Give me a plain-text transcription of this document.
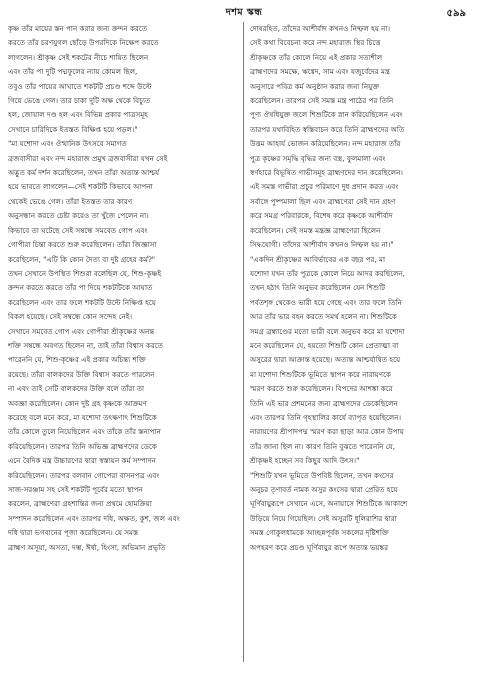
দশম স্কন্ধ	৫৯৯
কৃষ্ণ তাঁর মায়ের স্তন পান করার জন্য ক্রন্দন করতে
করতে তাঁর চরণযুগল ছোঁড়ে উপরদিকে নিক্ষেপ করতে
লাগলেন। শ্রীকৃষ্ণ সেই শকটের নীচে শায়িত ছিলেন
এবং তাঁর পা দুটি পদ্মফুলের ন্যায় কোমল ছিল,
তবুও তাঁর পায়ের আঘাতে শকটটি প্রচণ্ড শব্দে উল্টে
গিয়ে ভেঙে গেল। তার চাকা দুটি অক্ষ থেকে বিচ্যুত
হল, জোয়াল দণ্ড হল এবং বিভিন্ন প্রকার পাত্রসমূহ
সেখানে চারিদিকে ইতস্তত বিক্ষিপ্ত হয়ে পড়ল।"
"মা যশোদা এবং ঔত্থানিক উৎসবে সমাগত
ব্রজবাসীরা এবং নন্দ মহারাজ প্রমুখ ব্রজবাসীরা যখন সেই
অদ্ভুত কর্ম দর্শন করেছিলেন, তখন তাঁরা অত্যন্ত আশ্চর্য
হয়ে ভাবতে লাগলেন—সেই শকটটি কিভাবে আপনা
থেকেই ভেঙে গেল। তাঁরা ইতস্তত তার কারণ
অনুসন্ধান করতে চেষ্টা করেও তা খুঁজে পেলেন না।
কিভাবে তা ঘটেছে সেই সম্বন্ধে সমবেত গোপ এবং
গোপীরা চিন্তা করতে শুরু করেছিলেন। তাঁরা জিজ্ঞাসা
করেছিলেন, "এটি কি কোন দৈত্য বা দুষ্ট গ্রহের কর্ম?"
তখন সেখানে উপস্থিত শিশুরা বলেছিল যে, শিশু-কৃষ্ণই
ক্রন্দন করতে করতে তাঁর পা দিয়ে শকটটিকে আঘাত
করেছিলেন এবং তার ফলে শকটটি উল্টে নিক্ষিপ্ত হয়ে
বিকল হয়েছে। সেই সম্বন্ধে কোন সন্দেহ নেই।
সেখানে সমবেত গোপ এবং গোপীরা শ্রীকৃষ্ণের অনন্ত
শক্তি সম্বন্ধে অবগত ছিলেন না, তাই তাঁরা বিশ্বাস করতে
পারেননি যে, শিশু-কৃষ্ণের এই প্রকার অচিন্ত্য শক্তি
রয়েছে। তাঁরা বালকদের উক্তি বিশ্বাস করতে পারলেন
না এবং তাই সেটি বালকদের উক্তি বলে তাঁরা তা
অবজ্ঞা করেছিলেন। কোন দুষ্ট গ্রহ কৃষ্ণকে আক্রমণ
করেছে বলে মনে করে, মা যশোদা তৎক্ষণাৎ শিশুটিকে
তাঁর কোলে তুলে নিয়েছিলেন এবং তাঁকে তাঁর স্তন্যপান
করিয়েছিলেন। তারপর তিনি অভিজ্ঞ ব্রাহ্মণদের ডেকে
এনে বৈদিক মন্ত্র উচ্চারণের দ্বারা স্বস্ত্যয়ন কর্ম সম্পাদন
করিয়েছিলেন। তারপর বলবান গোপেরা বাসনপত্র এবং
সাজ-সরঞ্জাম সহ সেই শকটটি পূর্বের মতো স্থাপন
করলেন, ব্রাহ্মণেরা গ্রহশান্তির জন্য প্রথমে হোমক্রিয়া
সম্পাদন করেছিলেন এবং তারপর দধি, অক্ষত, কুশ, জল এবং
দধি দ্বারা ভগবানের পূজা করেছিলেন। যে সমস্ত
ব্রাহ্মণ অসূয়া, অসত্য, দম্ভ, ঈর্ষা, হিংসা, অভিমান প্রভৃতি
দোষরহিত, তাঁদের আশীর্বাদ কখনও নিষ্ফল হয় না।
সেই কথা বিবেচনা করে নন্দ মহারাজ স্থির চিত্তে
শ্রীকৃষ্ণকে তাঁর কোলে নিয়ে এই প্রকার সত্যশীল
ব্রাহ্মণদের সমক্ষে, ঋগ্বেদ, সাম এবং যজুর্বেদের মন্ত্র
অনুসারে পবিত্র কর্ম অনুষ্ঠান করার জন্য নিযুক্ত
করেছিলেন। তারপর সেই সমস্ত মন্ত্র পাঠের পর তিনি
পুণ্য ঔষধিযুক্ত জলে শিশুটিকে স্নান করিয়েছিলেন এবং
তারপর যথাবিহিত স্বস্তিবাচন করে তিনি ব্রাহ্মণদের অতি
উত্তম আহার্য ভোজন করিয়েছিলেন। নন্দ মহারাজ তাঁর
পুত্র কৃষ্ণের সমৃদ্ধি বৃদ্ধির জন্য বস্ত্র, ফুলমালা এবং
স্বর্ণহারে বিভূষিত গাভীসমূহ ব্রাহ্মণদের দান করেছিলেন।
এই সমস্ত গাভীরা প্রচুর পরিমাণে দুধ প্রদান করত এবং
সর্বাঙ্গে পুষ্পমালা ছিল এবং ব্রাহ্মণেরা সেই দান গ্রহণ
করে সমগ্র পরিবারকে, বিশেষ করে কৃষ্ণকে আশীর্বাদ
করেছিলেন। সেই সমস্ত মন্ত্রজ্ঞ ব্রাহ্মণেরা ছিলেন
সিদ্ধযোগী। তাঁদের আশীর্বাদ কখনও নিষ্ফল হয় না।"
"একদিন শ্রীকৃষ্ণের আবির্ভাবের এক বছর পর, মা
যশোদা যখন তাঁর পুত্রকে কোলে নিয়ে আদর করছিলেন,
তখন হঠাৎ তিনি অনুভব করেছিলেন যেন শিশুটি
পর্বতশৃঙ্গ থেকেও ভারী হয়ে গেছে এবং তার ফলে তিনি
আর তাঁর ভার বহন করতে সমর্থ হলেন না। শিশুটিকে
সমগ্র ব্রহ্মাণ্ডের মতো ভারী বলে অনুভব করে মা যশোদা
মনে করেছিলেন যে, হয়তো শিশুটি কোন প্রেতাত্মা বা
অসুরের দ্বারা আক্রান্ত হয়েছে। অত্যন্ত আশ্চর্যান্বিত হয়ে
মা যশোদা শিশুটিকে ভূমিতে স্থাপন করে নারায়ণকে
স্মরণ করতে শুরু করেছিলেন। বিপদের আশঙ্কা করে
তিনি এই ভার প্রশমনের জন্য ব্রাহ্মণদের ডেকেছিলেন
এবং তারপর তিনি গৃহস্থালির কার্যে ব্যাপৃত হয়েছিলেন।
নারায়ণের শ্রীপাদপদ্ম স্মরণ করা ছাড়া আর কোন উপায়
তাঁর জানা ছিল না। কারণ তিনি বুঝতে পারেননি যে,
শ্রীকৃষ্ণই হচ্ছেন সব কিছুর আদি উৎস।"
"শিশুটি যখন ভূমিতে উপবিষ্ট ছিলেন, তখন কংসের
অনুচর তৃণাবর্ত নামক অসুর কংসের দ্বারা প্রেরিত হয়ে
ঘূর্ণিবায়ুরূপে সেখানে এসে, অনায়াসে শিশুটিকে আকাশে
উড়িয়ে নিয়ে গিয়েছিল। সেই অসুরটি ধূলিরাশির দ্বারা
সমস্ত গোকুলধামকে আচ্ছন্নপূর্বক সকলের দৃষ্টিশক্তি
অপহরণ করে প্রচণ্ড ঘূর্ণিবায়ুর রূপে অত্যন্ত ভয়ঙ্কর
